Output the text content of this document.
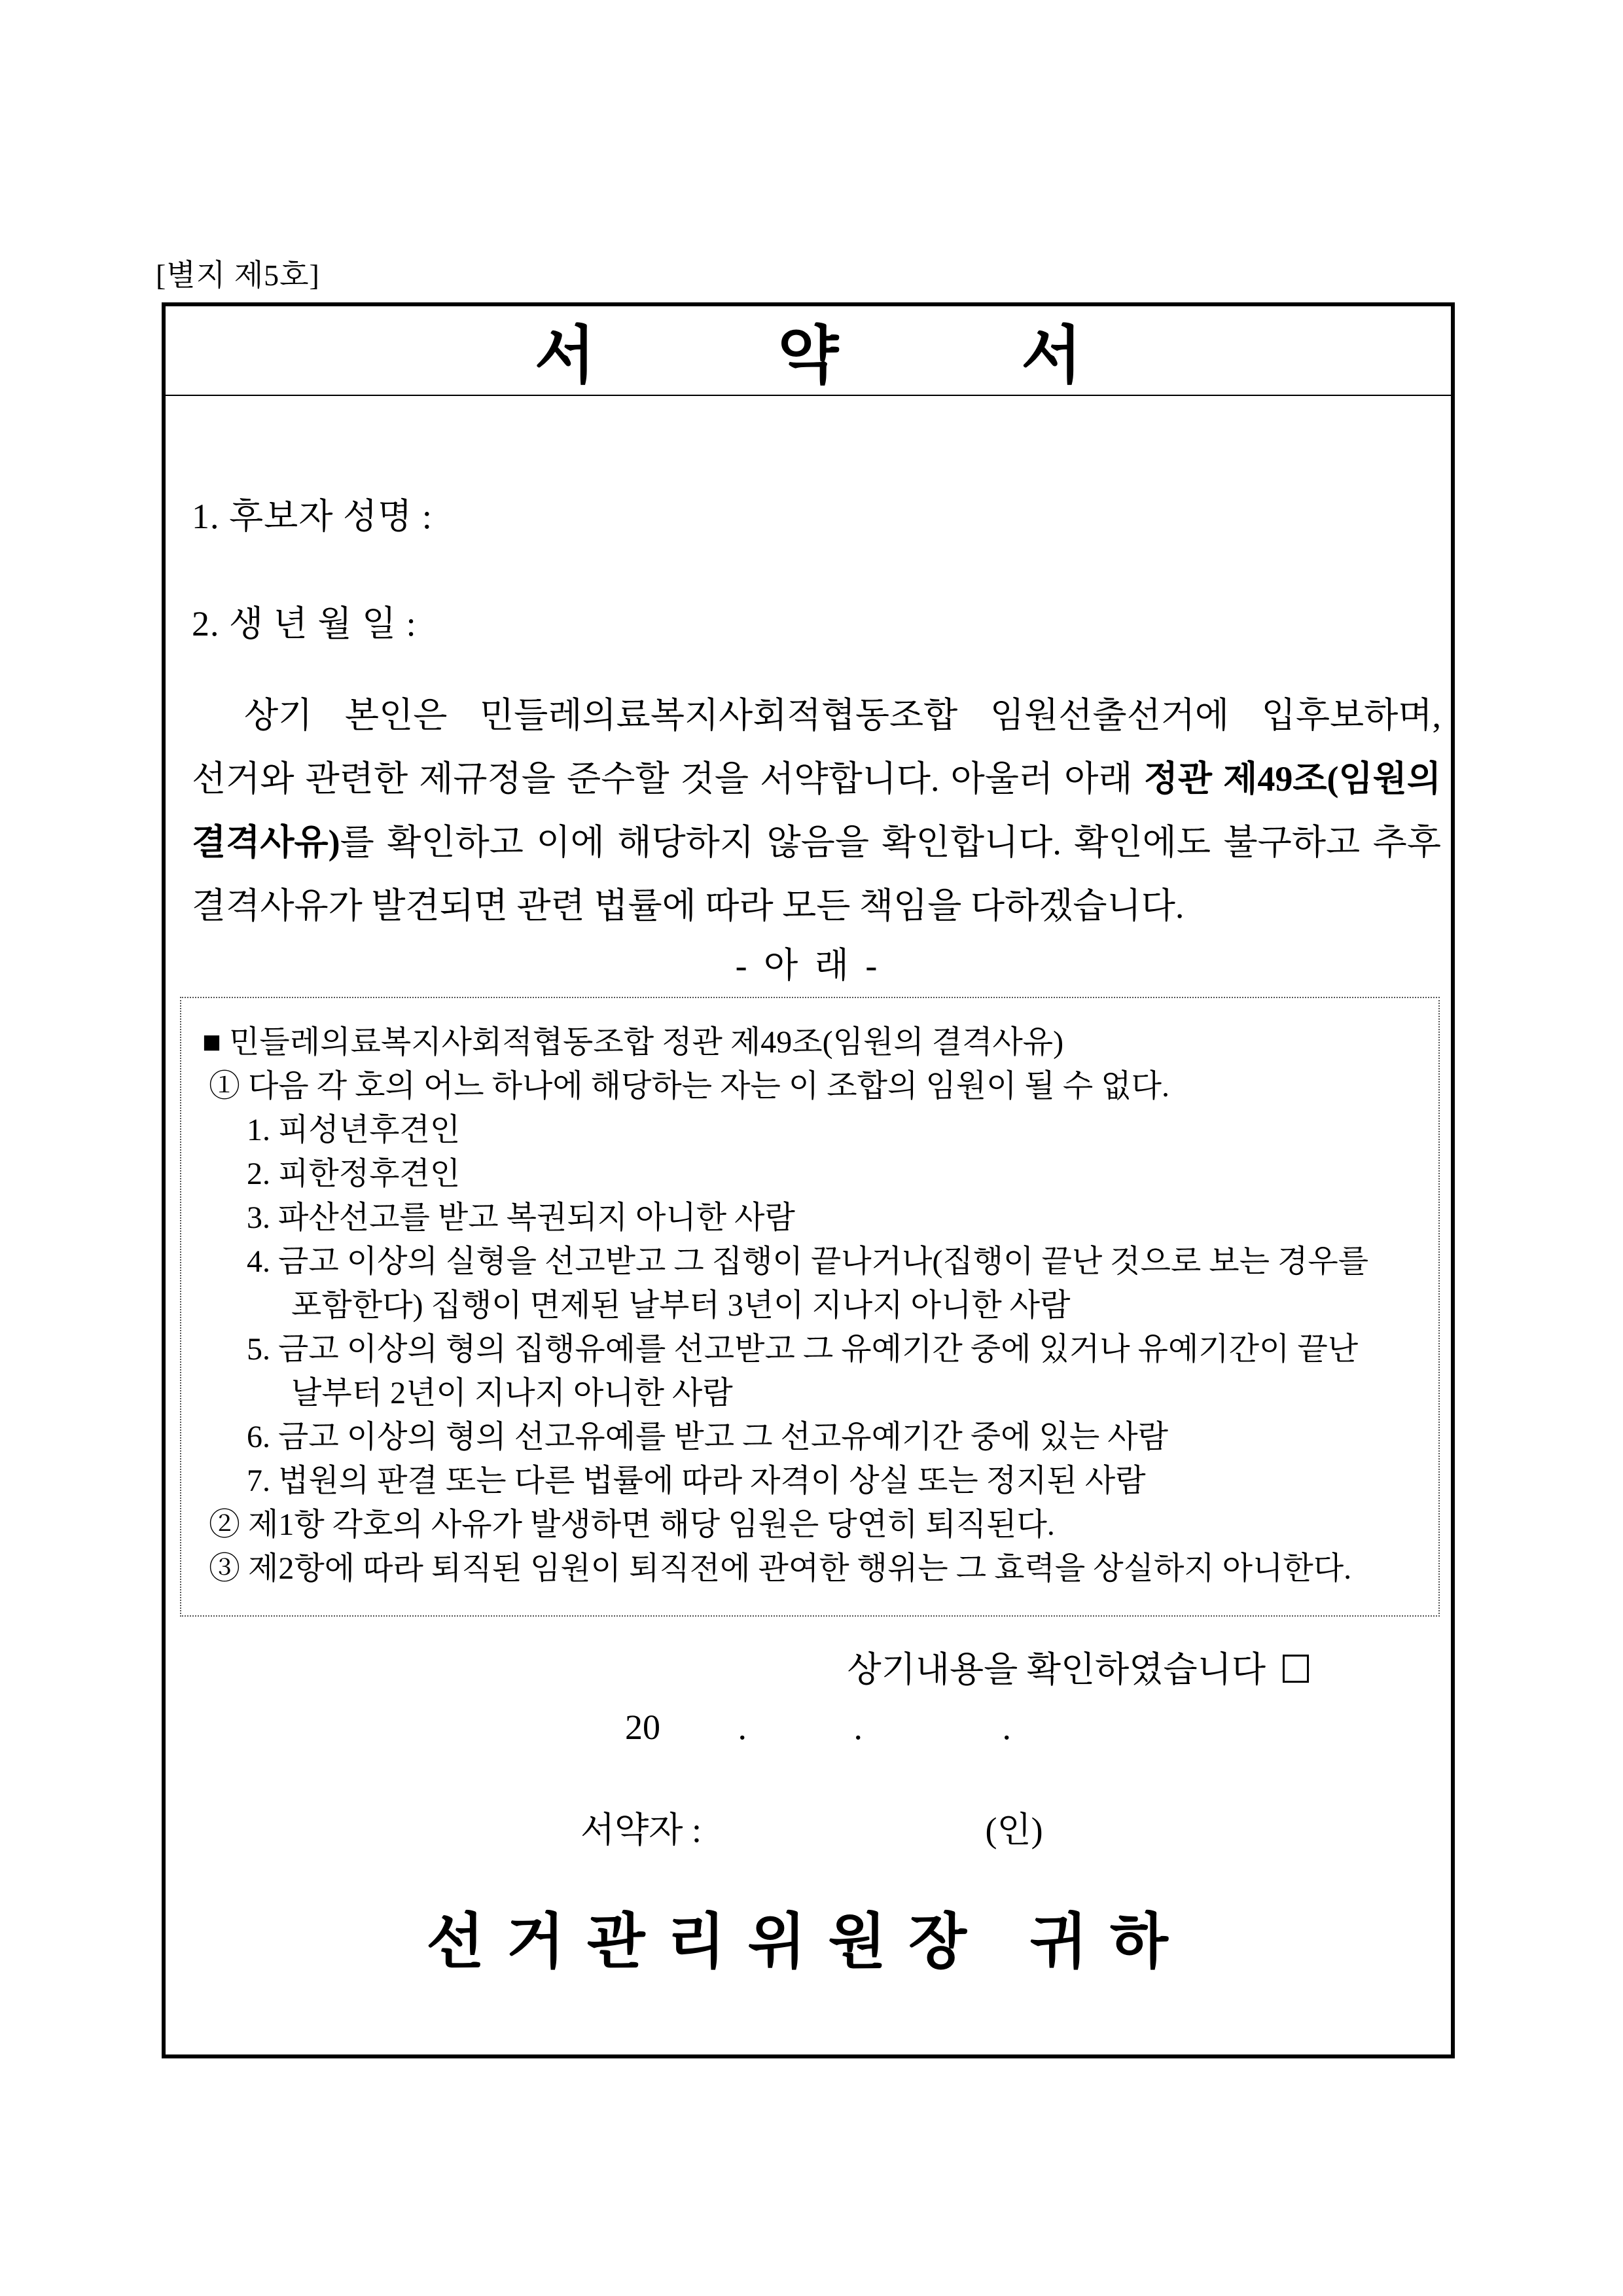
[별지 제5호]
서 약 서
1. 후보자 성명 :
2. 생 년 월 일 :
상기 본인은 민들레의료복지사회적협동조합 임원선출선거에 입후보하며, 선거와 관련한 제규정을 준수할 것을 서약합니다. 아울러 아래 정관 제49조(임원의 결격사유)를 확인하고 이에 해당하지 않음을 확인합니다. 확인에도 불구하고 추후 결격사유가 발견되면 관련 법률에 따라 모든 책임을 다하겠습니다.
- 아 래 -
■ 민들레의료복지사회적협동조합 정관 제49조(임원의 결격사유)
① 다음 각 호의 어느 하나에 해당하는 자는 이 조합의 임원이 될 수 없다.
1. 피성년후견인
2. 피한정후견인
3. 파산선고를 받고 복권되지 아니한 사람
4. 금고 이상의 실형을 선고받고 그 집행이 끝나거나(집행이 끝난 것으로 보는 경우를 포함한다) 집행이 면제된 날부터 3년이 지나지 아니한 사람
5. 금고 이상의 형의 집행유예를 선고받고 그 유예기간 중에 있거나 유예기간이 끝난 날부터 2년이 지나지 아니한 사람
6. 금고 이상의 형의 선고유예를 받고 그 선고유예기간 중에 있는 사람
7. 법원의 판결 또는 다른 법률에 따라 자격이 상실 또는 정지된 사람
② 제1항 각호의 사유가 발생하면 해당 임원은 당연히 퇴직된다.
③ 제2항에 따라 퇴직된 임원이 퇴직전에 관여한 행위는 그 효력을 상실하지 아니한다.
상기내용을 확인하였습니다
20 .	.	.
서약자 :	(인)
선거관리위원장 귀하
